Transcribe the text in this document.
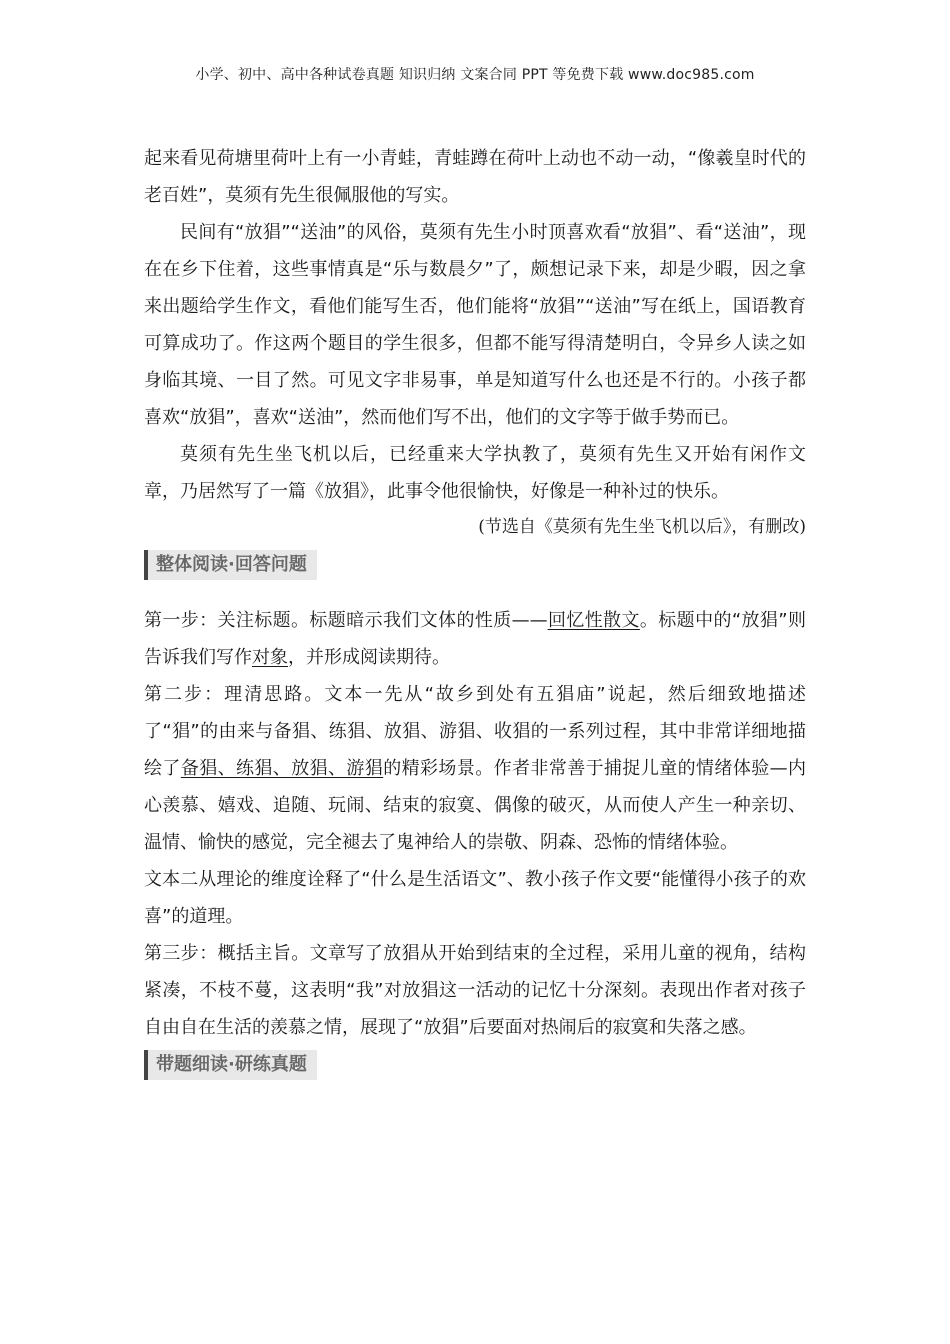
小学、初中、高中各种试卷真题 知识归纳 文案合同 PPT 等免费下载 www.doc985.com

起来看见荷塘里荷叶上有一小青蛙，青蛙蹲在荷叶上动也不动一动，“像羲皇时代的老百姓”，莫须有先生很佩服他的写实。

民间有“放猖”“送油”的风俗，莫须有先生小时顶喜欢看“放猖”、看“送油”，现在在乡下住着，这些事情真是“乐与数晨夕”了，颇想记录下来，却是少暇，因之拿来出题给学生作文，看他们能写生否，他们能将“放猖”“送油”写在纸上，国语教育可算成功了。作这两个题目的学生很多，但都不能写得清楚明白，令异乡人读之如身临其境、一目了然。可见文字非易事，单是知道写什么也还是不行的。小孩子都喜欢“放猖”，喜欢“送油”，然而他们写不出，他们的文字等于做手势而已。

莫须有先生坐飞机以后，已经重来大学执教了，莫须有先生又开始有闲作文章，乃居然写了一篇《放猖》，此事令他很愉快，好像是一种补过的快乐。

(节选自《莫须有先生坐飞机以后》，有删改)

整体阅读·回答问题

第一步：关注标题。标题暗示我们文体的性质——回忆性散文。标题中的“放猖”则告诉我们写作对象，并形成阅读期待。

第二步：理清思路。文本一先从“故乡到处有五猖庙”说起，然后细致地描述了“猖”的由来与备猖、练猖、放猖、游猖、收猖的一系列过程，其中非常详细地描绘了备猖、练猖、放猖、游猖的精彩场景。作者非常善于捕捉儿童的情绪体验—内心羡慕、嬉戏、追随、玩闹、结束的寂寞、偶像的破灭，从而使人产生一种亲切、温情、愉快的感觉，完全褪去了鬼神给人的崇敬、阴森、恐怖的情绪体验。

文本二从理论的维度诠释了“什么是生活语文”、教小孩子作文要“能懂得小孩子的欢喜”的道理。

第三步：概括主旨。文章写了放猖从开始到结束的全过程，采用儿童的视角，结构紧凑，不枝不蔓，这表明“我”对放猖这一活动的记忆十分深刻。表现出作者对孩子自由自在生活的羡慕之情，展现了“放猖”后要面对热闹后的寂寞和失落之感。

带题细读·研练真题
